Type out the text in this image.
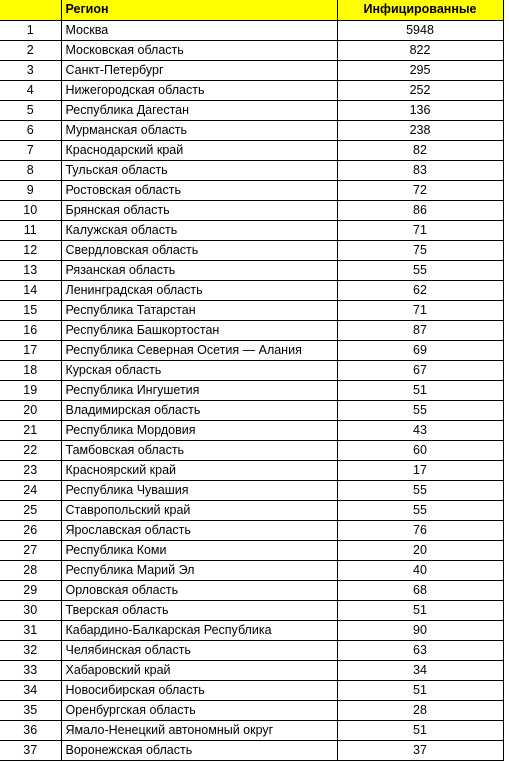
	Регион	Инфицированные
1	Москва	5948
2	Московская область	822
3	Санкт-Петербург	295
4	Нижегородская область	252
5	Республика Дагестан	136
6	Мурманская область	238
7	Краснодарский край	82
8	Тульская область	83
9	Ростовская область	72
10	Брянская область	86
11	Калужская область	71
12	Свердловская область	75
13	Рязанская область	55
14	Ленинградская область	62
15	Республика Татарстан	71
16	Республика Башкортостан	87
17	Республика Северная Осетия — Алания	69
18	Курская область	67
19	Республика Ингушетия	51
20	Владимирская область	55
21	Республика Мордовия	43
22	Тамбовская область	60
23	Красноярский край	17
24	Республика Чувашия	55
25	Ставропольский край	55
26	Ярославская область	76
27	Республика Коми	20
28	Республика Марий Эл	40
29	Орловская область	68
30	Тверская область	51
31	Кабардино-Балкарская Республика	90
32	Челябинская область	63
33	Хабаровский край	34
34	Новосибирская область	51
35	Оренбургская область	28
36	Ямало-Ненецкий автономный округ	51
37	Воронежская область	37
